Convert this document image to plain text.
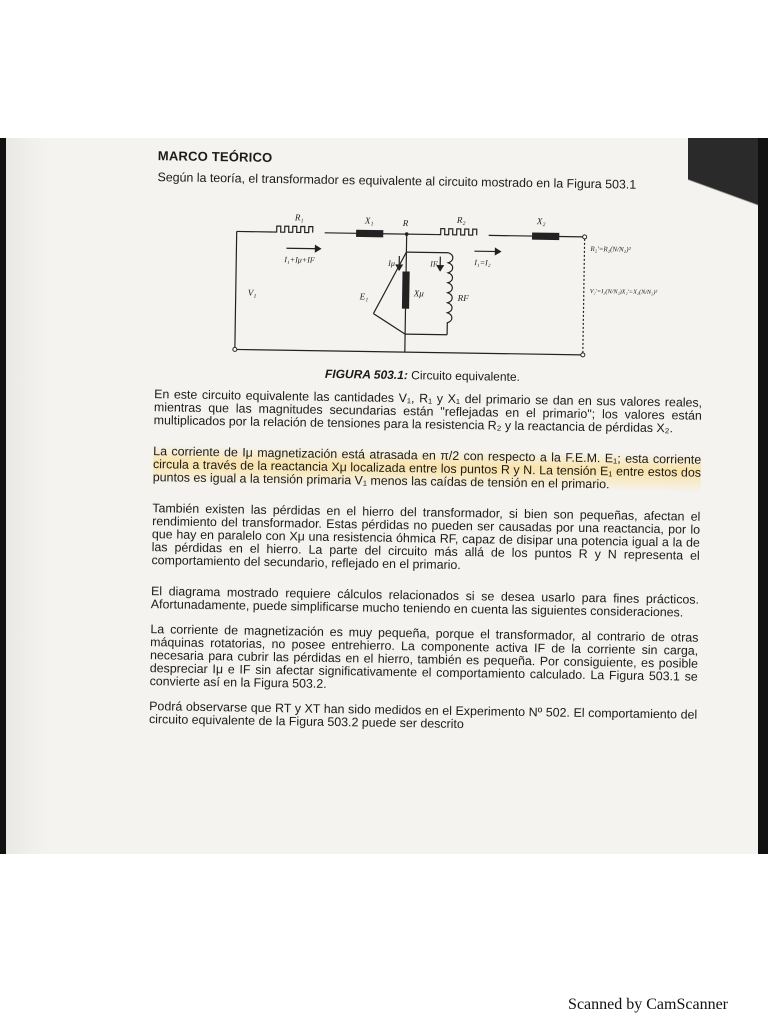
MARCO TEÓRICO

Según la teoría, el transformador es equivalente al circuito mostrado en la Figura 503.1

R₁	X₁	R	R₂	X₂
I₁+Iμ+IF	I₁=I₂
V₁	E₁
Iμ	IF
Xμ	RF
R₂'=R₂(N/N₂)²
V₂'=I₂(N/N₂)X₂'=X₂(N/N₂)²
FIGURA 503.1: Circuito equivalente.

En este circuito equivalente las cantidades V₁, R₁ y X₁ del primario se dan en sus valores reales, mientras que las magnitudes secundarias están "reflejadas en el primario"; los valores están multiplicados por la relación de tensiones para la resistencia R₂ y la reactancia de pérdidas X₂.

La corriente de Iμ magnetización está atrasada en π/2 con respecto a la F.E.M. E₁; esta corriente circula a través de la reactancia Xμ localizada entre los puntos R y N. La tensión E₁ entre estos dos puntos es igual a la tensión primaria V₁ menos las caídas de tensión en el primario.

También existen las pérdidas en el hierro del transformador, si bien son pequeñas, afectan el rendimiento del transformador. Estas pérdidas no pueden ser causadas por una reactancia, por lo que hay en paralelo con Xμ una resistencia óhmica RF, capaz de disipar una potencia igual a la de las pérdidas en el hierro. La parte del circuito más allá de los puntos R y N representa el comportamiento del secundario, reflejado en el primario.

El diagrama mostrado requiere cálculos relacionados si se desea usarlo para fines prácticos. Afortunadamente, puede simplificarse mucho teniendo en cuenta las siguientes consideraciones.

La corriente de magnetización es muy pequeña, porque el transformador, al contrario de otras máquinas rotatorias, no posee entrehierro. La componente activa IF de la corriente sin carga, necesaria para cubrir las pérdidas en el hierro, también es pequeña. Por consiguiente, es posible despreciar Iμ e IF sin afectar significativamente el comportamiento calculado. La Figura 503.1 se convierte así en la Figura 503.2.

Podrá observarse que RT y XT han sido medidos en el Experimento Nº 502. El comportamiento del circuito equivalente de la Figura 503.2 puede ser descrito

Scanned by CamScanner
